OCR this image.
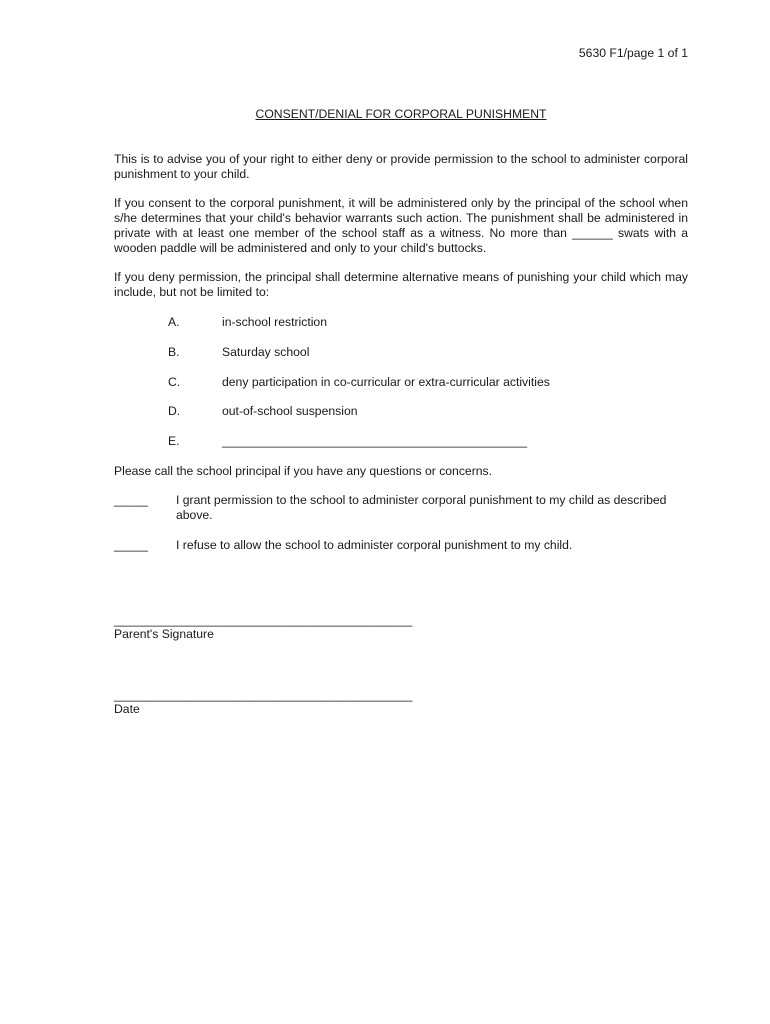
5630 F1/page 1 of 1
CONSENT/DENIAL FOR CORPORAL PUNISHMENT

This is to advise you of your right to either deny or provide permission to the school to administer corporal punishment to your child.

If you consent to the corporal punishment, it will be administered only by the principal of the school when s/he determines that your child's behavior warrants such action. The punishment shall be administered in private with at least one member of the school staff as a witness. No more than ______ swats with a wooden paddle will be administered and only to your child's buttocks.

If you deny permission, the principal shall determine alternative means of punishing your child which may include, but not be limited to:

A.	in-school restriction
B.	Saturday school
C.	deny participation in co-curricular or extra-curricular activities
D.	out-of-school suspension
E.	_____________________________________________
Please call the school principal if you have any questions or concerns.
_____ I grant permission to the school to administer corporal punishment to my child as described above.
_____ I refuse to allow the school to administer corporal punishment to my child.
____________________________________________
Parent's Signature
____________________________________________
Date
